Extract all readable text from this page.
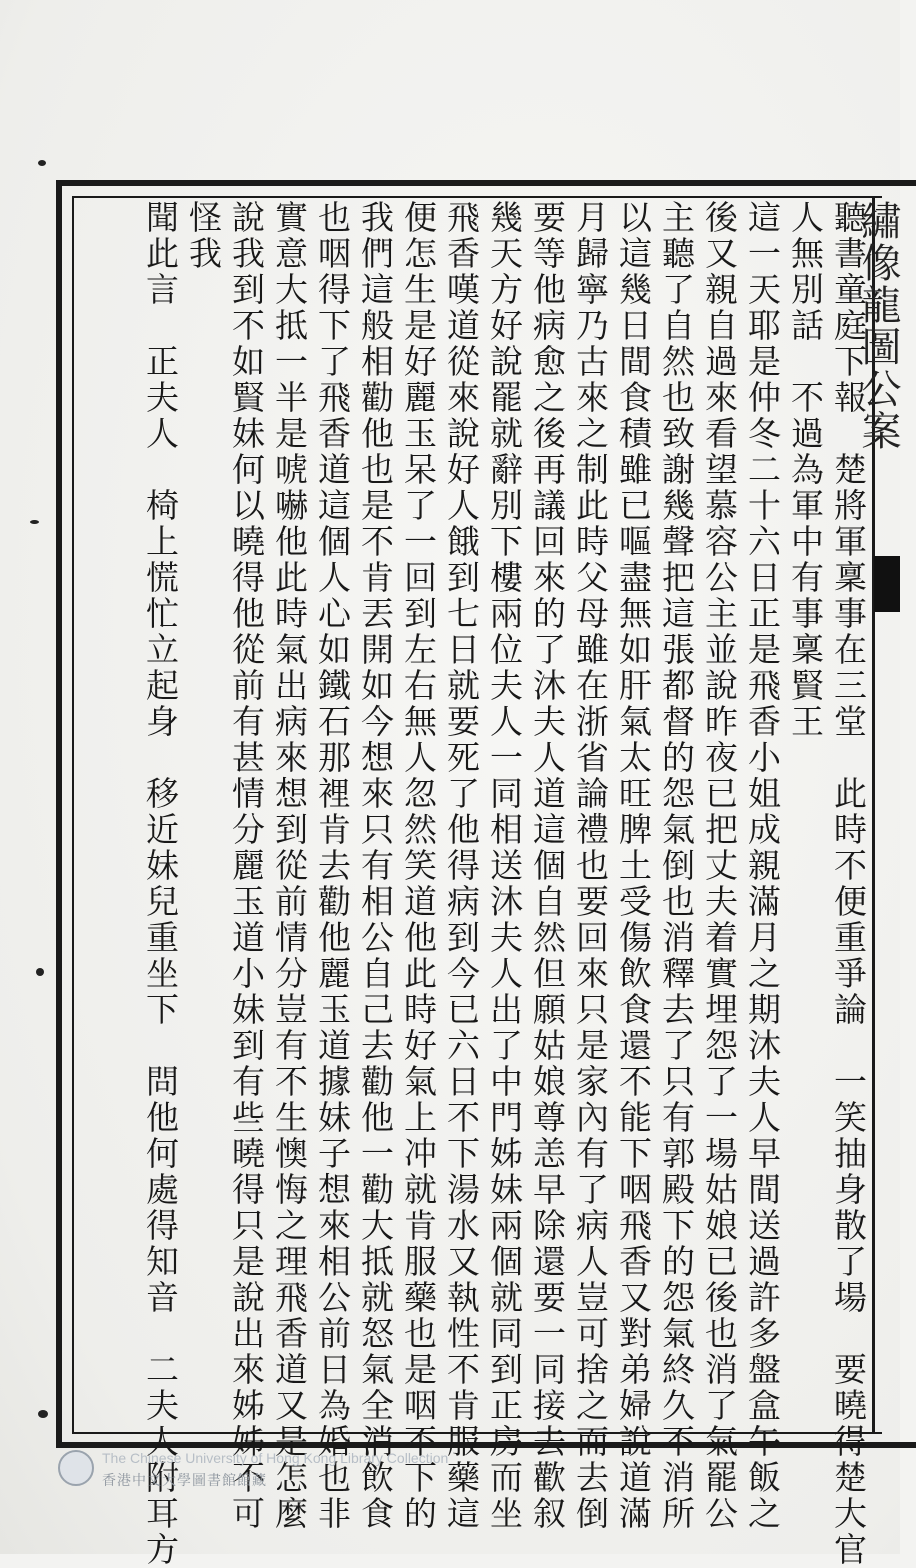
繡像龍圖公案
聽書童庭下報　楚將軍稟事在三堂　此時不便重爭論　一笑抽身散了場　要曉得楚大官
人無別話　不過為軍中有事稟賢王
這一天耶是仲冬二十六日正是飛香小姐成親滿月之期沐夫人早間送過許多盤盒午飯之
後又親自過來看望慕容公主並說昨夜已把丈夫着實埋怨了一場姑娘已後也消了氣罷公
主聽了自然也致謝幾聲把這張都督的怨氣倒也消釋去了只有郭殿下的怨氣終久不消所
以這幾日間食積雖已嘔盡無如肝氣太旺脾土受傷飲食還不能下咽飛香又對弟婦說道滿
月歸寧乃古來之制此時父母雖在浙省論禮也要回來只是家內有了病人豈可捨之而去倒
要等他病愈之後再議回來的了沐夫人道這個自然但願姑娘尊恙早除還要一同接去歡叙
幾天方好說罷就辭別下樓兩位夫人一同相送沐夫人出了中門姊妹兩個就同到正房而坐
飛香嘆道從來說好人餓到七日就要死了他得病到今已六日不下湯水又執性不肯服藥這
便怎生是好麗玉呆了一回到左右無人忽然笑道他此時好氣上冲就肯服藥也是咽不下的
我們這般相勸他也是不肯丟開如今想來只有相公自己去勸他一勸大抵就怒氣全消飲食
也咽得下了飛香道這個人心如鐵石那裡肯去勸他麗玉道據妹子想來相公前日為婚也非
實意大抵一半是唬嚇他此時氣出病來想到從前情分豈有不生懊悔之理飛香道又是怎麼
說我到不如賢妹何以曉得他從前有甚情分麗玉道小妹到有些曉得只是說出來姊姊不可
怪我
聞此言　正夫人　椅上慌忙立起身　移近妹兒重坐下　問他何處得知音　二夫人附耳方
The Chinese University of Hong Kong Library Collection
香港中文大學圖書館館藏
